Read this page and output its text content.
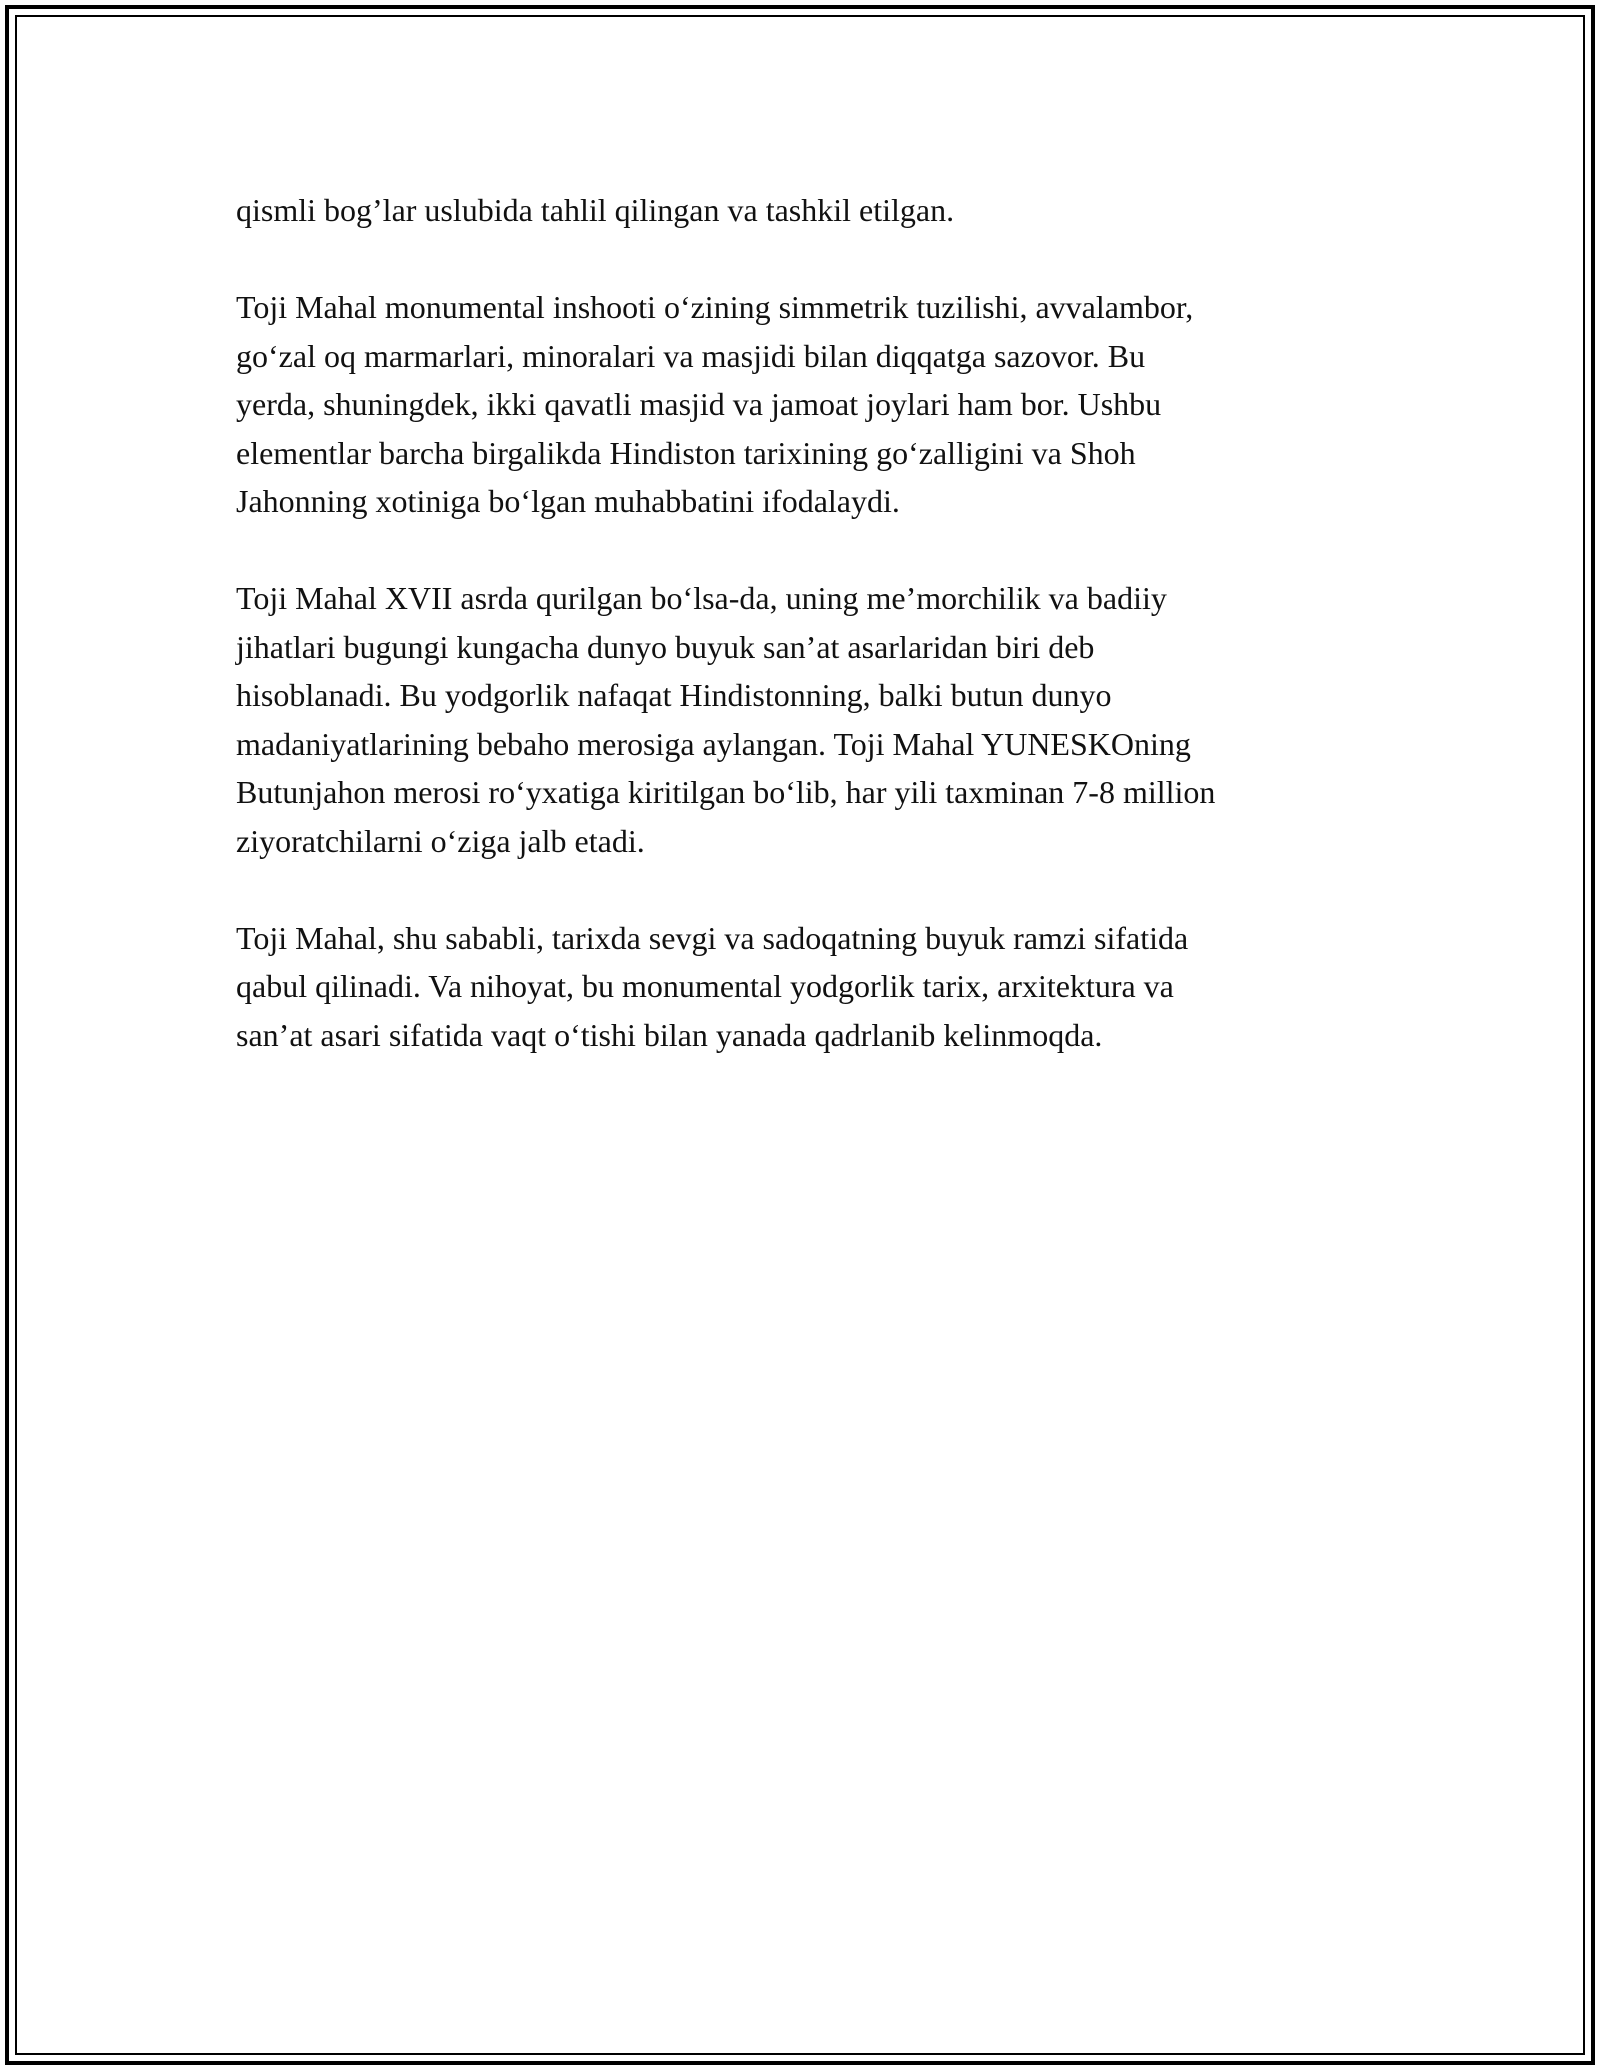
qismli bog’lar uslubida tahlil qilingan va tashkil etilgan.

Toji Mahal monumental inshooti o‘zining simmetrik tuzilishi, avvalambor,
go‘zal oq marmarlari, minoralari va masjidi bilan diqqatga sazovor. Bu
yerda, shuningdek, ikki qavatli masjid va jamoat joylari ham bor. Ushbu
elementlar barcha birgalikda Hindiston tarixining go‘zalligini va Shoh
Jahonning xotiniga bo‘lgan muhabbatini ifodalaydi.

Toji Mahal XVII asrda qurilgan bo‘lsa-da, uning me’morchilik va badiiy
jihatlari bugungi kungacha dunyo buyuk san’at asarlaridan biri deb
hisoblanadi. Bu yodgorlik nafaqat Hindistonning, balki butun dunyo
madaniyatlarining bebaho merosiga aylangan. Toji Mahal YUNESKOning
Butunjahon merosi ro‘yxatiga kiritilgan bo‘lib, har yili taxminan 7-8 million
ziyoratchilarni o‘ziga jalb etadi.

Toji Mahal, shu sababli, tarixda sevgi va sadoqatning buyuk ramzi sifatida
qabul qilinadi. Va nihoyat, bu monumental yodgorlik tarix, arxitektura va
san’at asari sifatida vaqt o‘tishi bilan yanada qadrlanib kelinmoqda.
